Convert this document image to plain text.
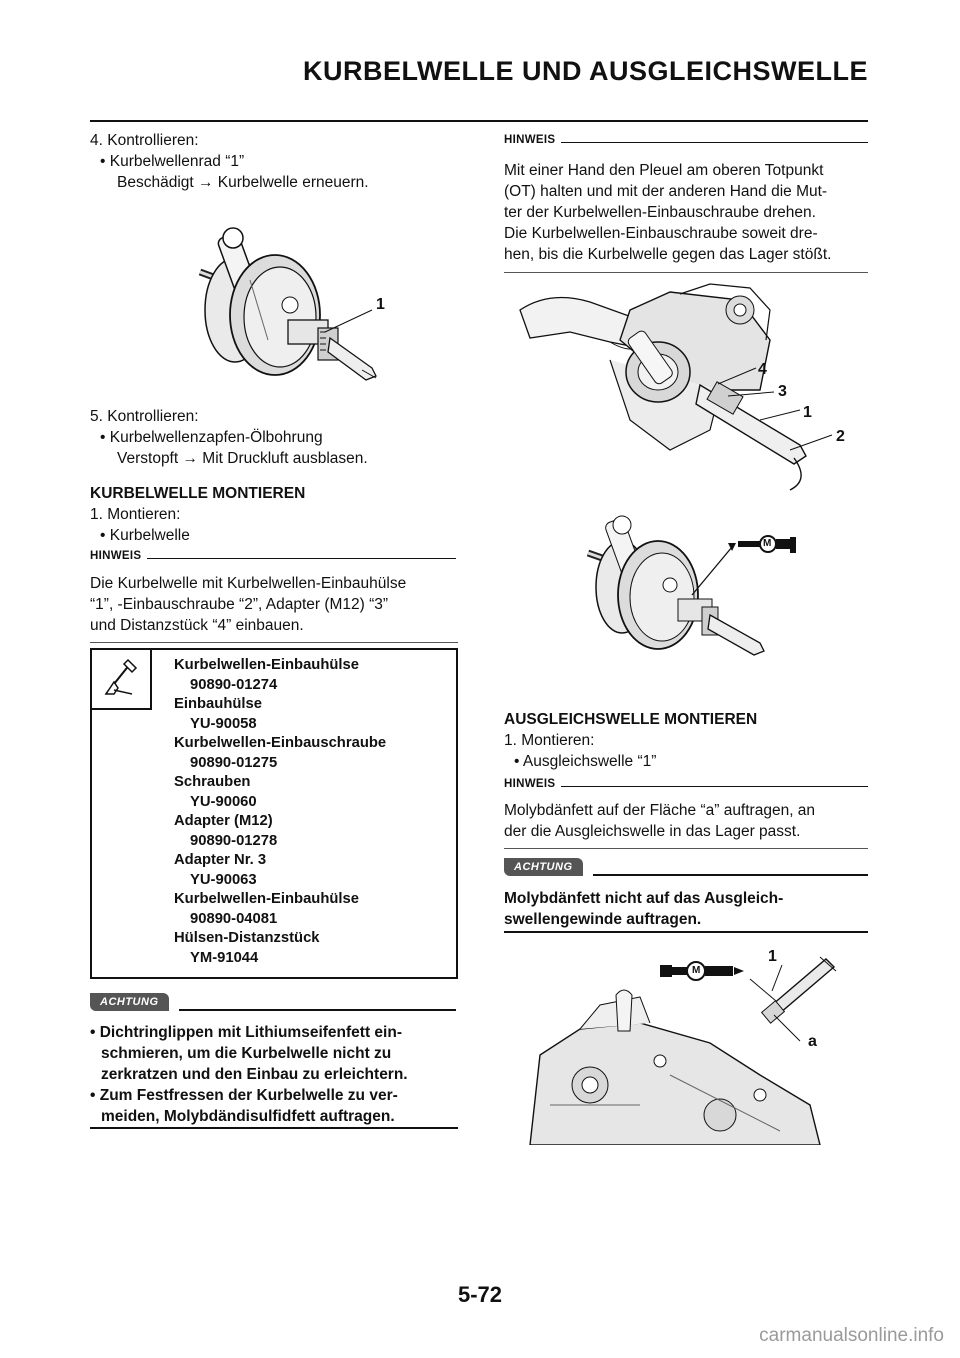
KURBELWELLE UND AUSGLEICHSWELLE

4. Kontrollieren:

• Kurbelwellenrad “1”

Beschädigt → Kurbelwelle erneuern.

1

5. Kontrollieren:

• Kurbelwellenzapfen-Ölbohrung

Verstopft → Mit Druckluft ausblasen.

KURBELWELLE MONTIEREN

1. Montieren:

• Kurbelwelle

HINWEIS

Die Kurbelwelle mit Kurbelwellen-Einbauhülse

“1”, -Einbauschraube “2”, Adapter (M12) “3”

und Distanzstück “4” einbauen.

Kurbelwellen-Einbauhülse

90890-01274

Einbauhülse

YU-90058

Kurbelwellen-Einbauschraube

90890-01275

Schrauben

YU-90060

Adapter (M12)

90890-01278

Adapter Nr. 3

YU-90063

Kurbelwellen-Einbauhülse

90890-04081

Hülsen-Distanzstück

YM-91044

ACHTUNG

• Dichtringlippen mit Lithiumseifenfett ein-

schmieren, um die Kurbelwelle nicht zu

zerkratzen und den Einbau zu erleichtern.

• Zum Festfressen der Kurbelwelle zu ver-

meiden, Molybdändisulfidfett auftragen.

HINWEIS

Mit einer Hand den Pleuel am oberen Totpunkt

(OT) halten und mit der anderen Hand die Mut-

ter der Kurbelwellen-Einbauschraube drehen.

Die Kurbelwellen-Einbauschraube soweit dre-

hen, bis die Kurbelwelle gegen das Lager stößt.

4
3
1
2
M

AUSGLEICHSWELLE MONTIEREN

1. Montieren:

• Ausgleichswelle “1”

HINWEIS

Molybdänfett auf der Fläche “a” auftragen, an

der die Ausgleichswelle in das Lager passt.

ACHTUNG

Molybdänfett nicht auf das Ausgleich-

swellengewinde auftragen.

1
a
M
5-72
carmanualsonline.info
